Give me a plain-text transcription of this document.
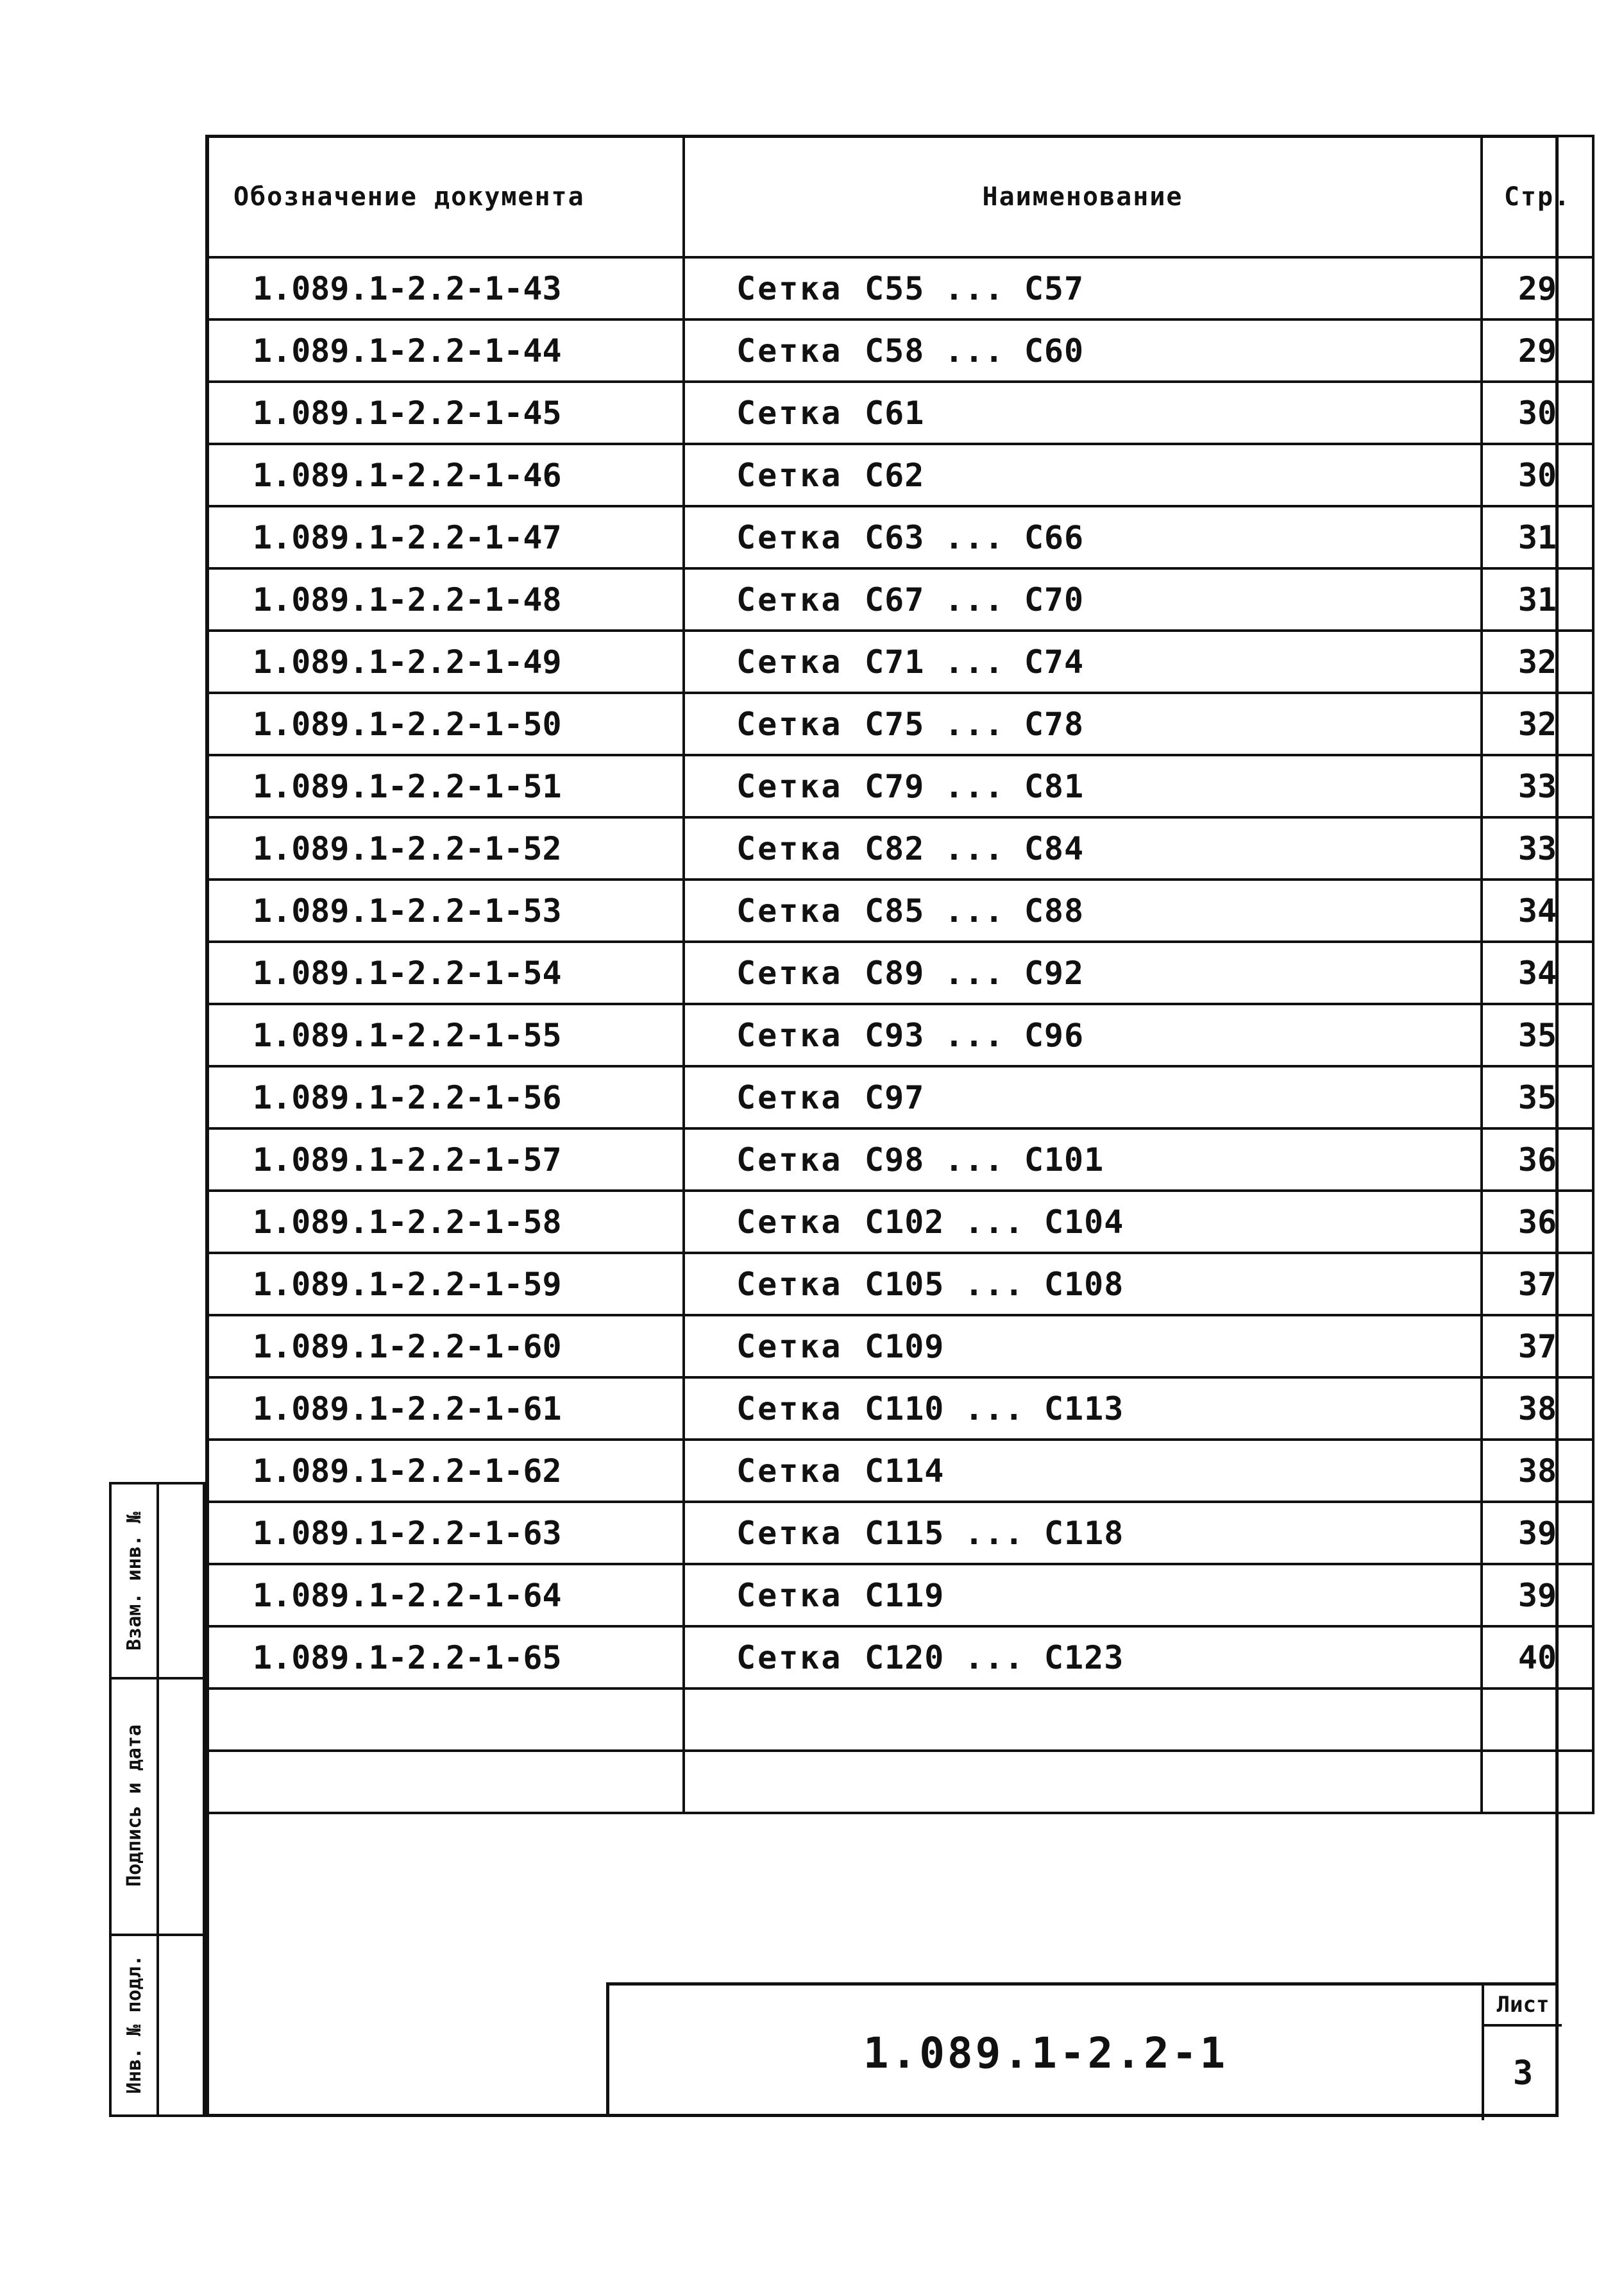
Обозначение документа	Наименование	Стр.
1.089.1-2.2-1-43	Сетка С55 ... С57	29
1.089.1-2.2-1-44	Сетка С58 ... С60	29
1.089.1-2.2-1-45	Сетка С61	30
1.089.1-2.2-1-46	Сетка С62	30
1.089.1-2.2-1-47	Сетка С63 ... С66	31
1.089.1-2.2-1-48	Сетка С67 ... С70	31
1.089.1-2.2-1-49	Сетка С71 ... С74	32
1.089.1-2.2-1-50	Сетка С75 ... С78	32
1.089.1-2.2-1-51	Сетка С79 ... С81	33
1.089.1-2.2-1-52	Сетка С82 ... С84	33
1.089.1-2.2-1-53	Сетка С85 ... С88	34
1.089.1-2.2-1-54	Сетка С89 ... С92	34
1.089.1-2.2-1-55	Сетка С93 ... С96	35
1.089.1-2.2-1-56	Сетка С97	35
1.089.1-2.2-1-57	Сетка С98 ... С101	36
1.089.1-2.2-1-58	Сетка С102 ... С104	36
1.089.1-2.2-1-59	Сетка С105 ... С108	37
1.089.1-2.2-1-60	Сетка С109	37
1.089.1-2.2-1-61	Сетка С110 ... С113	38
1.089.1-2.2-1-62	Сетка С114	38
1.089.1-2.2-1-63	Сетка С115 ... С118	39
1.089.1-2.2-1-64	Сетка С119	39
1.089.1-2.2-1-65	Сетка С120 ... С123	40

Взам. инв. №
Подпись и дата
Инв. № подл.	1.089.1-2.2-1
Лист
3
